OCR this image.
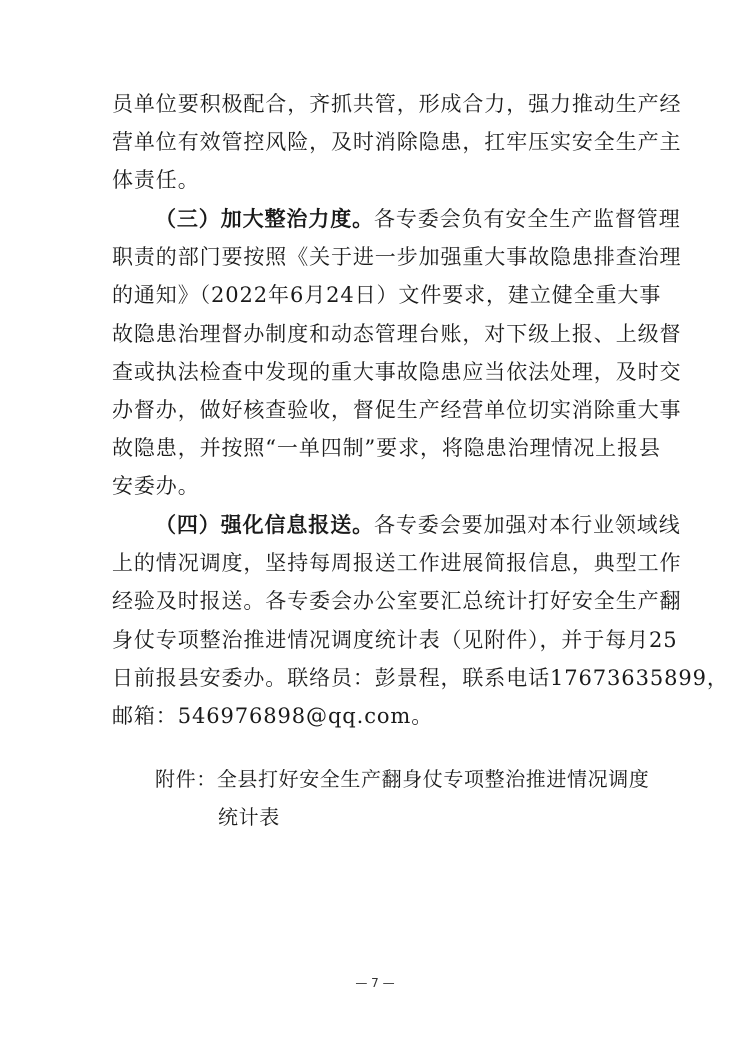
员单位要积极配合，齐抓共管，形成合力，强力推动生产经
营单位有效管控风险，及时消除隐患，扛牢压实安全生产主
体责任。
（三）加大整治力度。各专委会负有安全生产监督管理
职责的部门要按照《关于进一步加强重大事故隐患排查治理
的通知》（2022年6月24日）文件要求，建立健全重大事
故隐患治理督办制度和动态管理台账，对下级上报、上级督
查或执法检查中发现的重大事故隐患应当依法处理，及时交
办督办，做好核查验收，督促生产经营单位切实消除重大事
故隐患，并按照“一单四制”要求，将隐患治理情况上报县
安委办。
（四）强化信息报送。各专委会要加强对本行业领域线
上的情况调度，坚持每周报送工作进展简报信息，典型工作
经验及时报送。各专委会办公室要汇总统计打好安全生产翻
身仗专项整治推进情况调度统计表（见附件），并于每月25
日前报县安委办。联络员：彭景程，联系电话17673635899，
邮箱：546976898@qq.com。
附件：全县打好安全生产翻身仗专项整治推进情况调度
统计表
— 7 —
